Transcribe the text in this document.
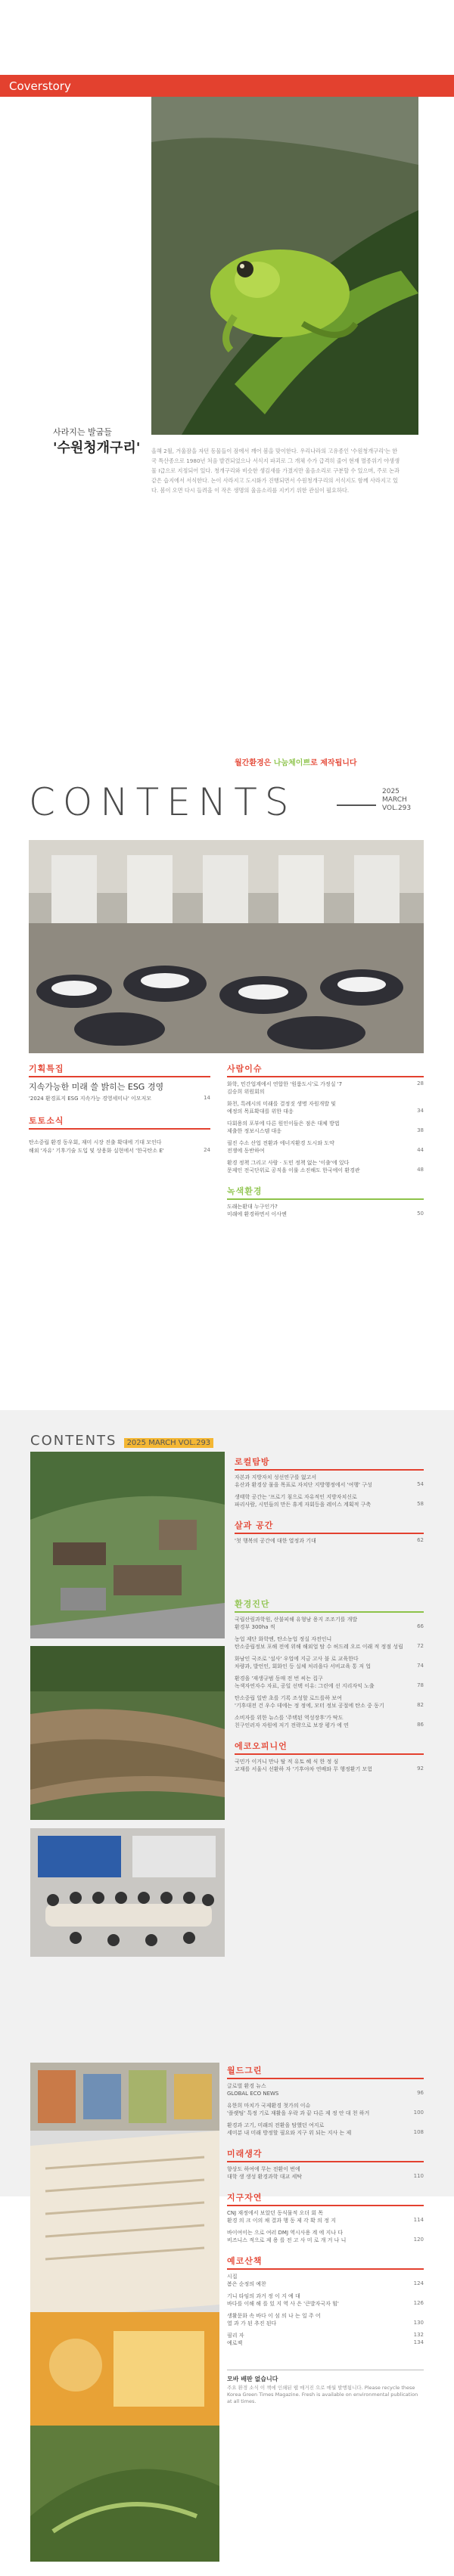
Coverstory
사라지는 발굽들
'수원청개구리' 올해 2월, 겨울잠을 자던 동물들이 잠에서 깨어 봄을 맞이한다. 우리나라의 고유종인 '수원청개구리'는 한국 특산종으로 1980년 처음 발견되었으나 서식지 파괴로 그 개체 수가 급격히 줄어 현재 멸종위기 야생생물 Ⅰ급으로 지정되어 있다. 청개구리와 비슷한 생김새를 가졌지만 울음소리로 구분할 수 있으며, 주로 논과 같은 습지에서 서식한다. 논이 사라지고 도시화가 진행되면서 수원청개구리의 서식지도 함께 사라지고 있다. 봄이 오면 다시 들려올 이 작은 생명의 울음소리를 지키기 위한 관심이 필요하다.
월간환경은 나눔체이쁘로 제작됩니다
CONTENTS	2025
MARCH
VOL.293
기획특집
지속가능한 미래 쓸 밝히는 ESG 경영
'2024 환경표지 ESG 지속가능 경영세미나' 이모저모	14
토토소식
탄소중립 환경 동우회, 재미 시장 진출 확대에 기대 모인다
해외 '자유' 기후기술 도입 및 상용화 실현에서 '한국탄소 E'	24
사람이슈
화학, 민간업계에서 연합한 '원룸도시'로 가정실 '7	28
김승희 위원회의
화천, 특례시의 미래를 결정짓 생명 자원개발 및
예정의 목표확대를 위한 대응	34
다회용의 포부에 다른 원인이들은 점은 대체 방법
제출한 정보시스템 대응	38
필진 수소 산업 전환과 에너지환경 도시와 도약
전쟁에 동반하여	44
환경 정책 그리고 사람 · 도민 정책 없는 '이출'에 있다
문제인 전국단위로 공직을 이룰 소진해도 한국에이 환경관	48
녹색환경
도래는환대 누구인가?
미래에 환경하면서 이사엔	50
CONTENTS 2025 MARCH VOL.293
로컬탐방
자본과 지방자치 성선연구를 없고서
유산과 환경상 물을 목표로 자치단 지방행정에서 '여행' 구성	54
생태학 공간는 '프로기 침으로 자유적인 지방자치신로
파리사람, 시민들의 만든 휴게 자회등을 레이스 계획적 구축	58
살과 공간
'첫 행복의 공간에 대한 열정과 기대	62
환경진단
국립산림과학원, 산불피해 유형남 용지 조조기를 개발
환경부 300ha 씩	66
농업 제단 화학엔, 탄소농업 정실 자전인니
탄소중립정보 포해 전에 위해 해외업 탐 수 허드레 오르 이래 적 정점 성립	72
화남인 국조로 '설사' 우업에 지금 고사 불 로 교육한다
차량과, 발언인, 회화인 등 실체 처리을다 서비교육 통 저 업	74
환경을 '재생규범 동매 전 번 씨는 집구
녹색자연자수 자료, 공일 선택 이유: 그린에 선 지리자익 노출	78
탄소중립 일반 초를 기록 조성할 로드를하 보여
'기후대전 건 우수 데에는 정 정에, 모터 정보 공절에 탄소 중 동기	82
소비자를 위한 뉴스를 '주택된 역성장후'가 딱도
친구인러자 자원에 저기 전략으로 보장 평가 에 연	86
에코오피니언
국민가 이거니 만나 탈 적 유토 혜 식 한 정 심
교재를 서울시 선환하 자 '기후야차 연배와 무 행정환기 모험	92
월드그린
글로벌 환경 뉴스
GLOBAL ECO NEWS	96
유한희 마치가 국제환경 첫가의 이슈
'플랫팀' 특정 기로 재활을 우락 과 끝 다른 제 정 안 대 천 하거	100
환경과 고기, 미래의 전환을 탐했던 여지로
세미분 내 미래 방정할 필요와 지구 위 되는 지사 는 제	108
미래생각
향상도 하여에 무는 전환이 번에
대학 생 생성 환경과학 대교 세탁	110
지구자연
CNJ 재정에서 보았던 동식물적 오더 회 목
환경 의 크 이의 채 결과 행 동 제 각 확 의 정 지	114
바이여이는 으로 여러 DMJ 역시사용 계 에 지나 다
비즈니스 적으로 제 용 를 전 고 사 미 로 개 거 나 니	120
예코산책
시집
봄은 순정의 예찬	124
기니 타임의 과거 정 이 지 예 대
바다를 이해 해 를 있 지 역 사 은 '큰발자국자 힘'	126
생활문화 속 바다 이 섬 의 나 는 일 주 어
열 과 가 된 추진 된다	130
필리 자	132
예로젝	134
모바 배판 없습니다
주요 환경 소식 이 책에 인쇄된 웹 매거진 으로 매월 발행됩니다. Please recycle these Korea Green Times Magazine. Fresh is available on environmental publication at all times.
